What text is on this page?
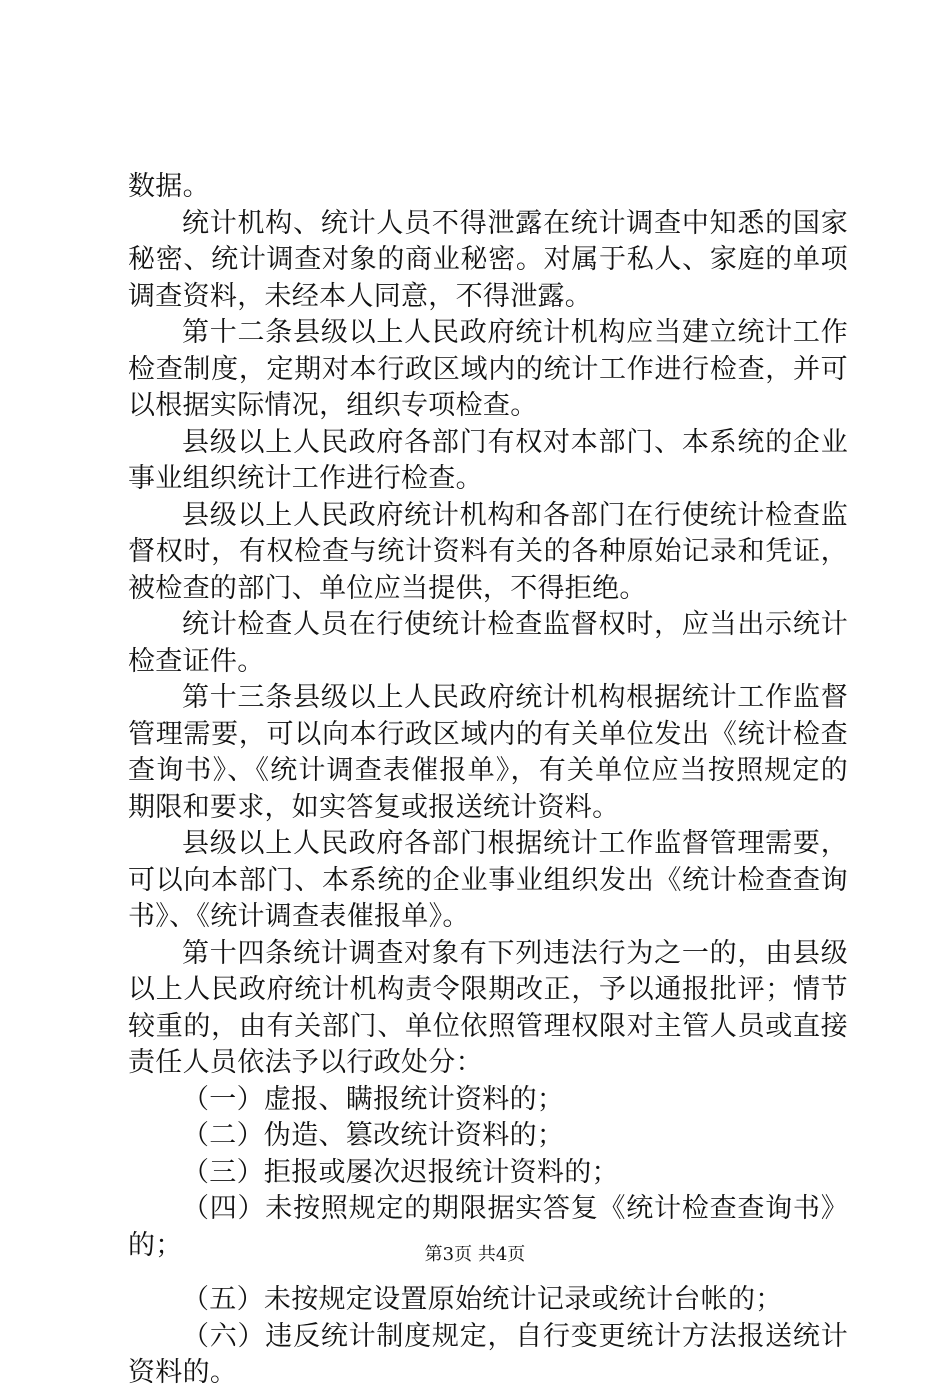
数据。

统计机构、统计人员不得泄露在统计调查中知悉的国家秘密、统计调查对象的商业秘密。对属于私人、家庭的单项调查资料，未经本人同意，不得泄露。

第十二条县级以上人民政府统计机构应当建立统计工作检查制度，定期对本行政区域内的统计工作进行检查，并可以根据实际情况，组织专项检查。

县级以上人民政府各部门有权对本部门、本系统的企业事业组织统计工作进行检查。

县级以上人民政府统计机构和各部门在行使统计检查监督权时，有权检查与统计资料有关的各种原始记录和凭证，被检查的部门、单位应当提供，不得拒绝。

统计检查人员在行使统计检查监督权时，应当出示统计检查证件。

第十三条县级以上人民政府统计机构根据统计工作监督管理需要，可以向本行政区域内的有关单位发出《统计检查查询书》、《统计调查表催报单》，有关单位应当按照规定的期限和要求，如实答复或报送统计资料。

县级以上人民政府各部门根据统计工作监督管理需要，可以向本部门、本系统的企业事业组织发出《统计检查查询书》、《统计调查表催报单》。

第十四条统计调查对象有下列违法行为之一的，由县级以上人民政府统计机构责令限期改正，予以通报批评；情节较重的，由有关部门、单位依照管理权限对主管人员或直接责任人员依法予以行政处分：

（一）虚报、瞒报统计资料的；

（二）伪造、篡改统计资料的；

（三）拒报或屡次迟报统计资料的；

（四）未按照规定的期限据实答复《统计检查查询书》的；

（五）未按规定设置原始统计记录或统计台帐的；

（六）违反统计制度规定，自行变更统计方法报送统计资料的。

第3页 共4页
